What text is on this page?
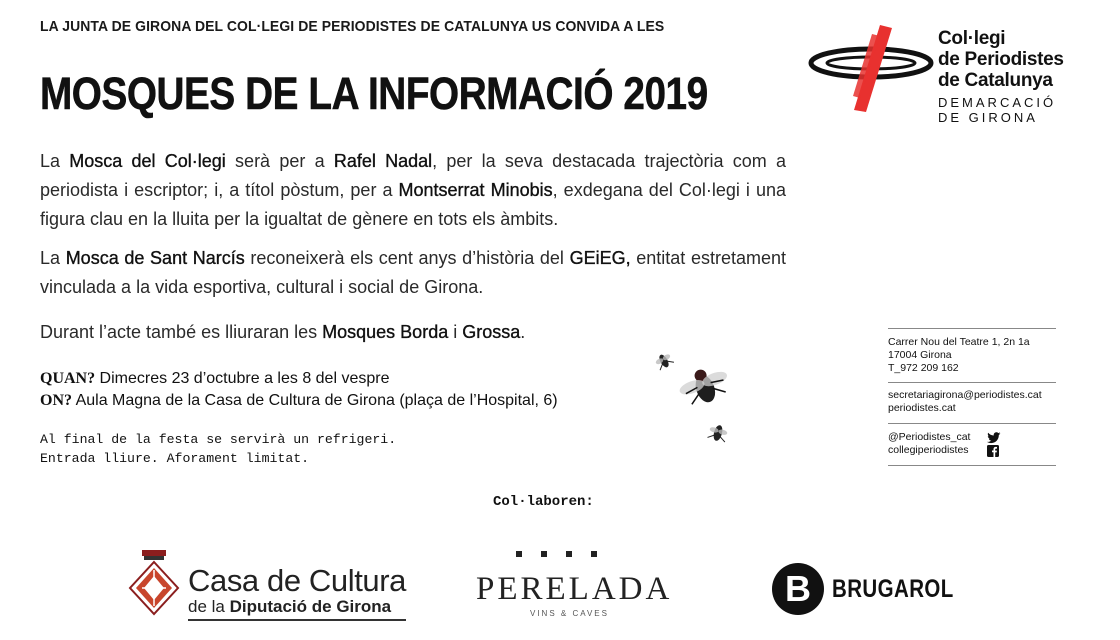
LA JUNTA DE GIRONA DEL COL·LEGI DE PERIODISTES DE CATALUNYA US CONVIDA A LES
MOSQUES DE LA INFORMACIÓ 2019
La Mosca del Col·legi serà per a Rafel Nadal, per la seva destacada trajectòria com a periodista i escriptor; i, a títol pòstum, per a Montserrat Minobis, exdegana del Col·legi i una figura clau en la lluita per la igualtat de gènere en tots els àmbits.
La Mosca de Sant Narcís reconeixerà els cent anys d’història del GEiEG, entitat estretament vinculada a la vida esportiva, cultural i social de Girona.
Durant l’acte també es lliuraran les Mosques Borda i Grossa.
QUAN? Dimecres 23 d’octubre a les 8 del vespre
ON? Aula Magna de la Casa de Cultura de Girona (plaça de l’Hospital, 6)
Al final de la festa se servirà un refrigeri.
Entrada lliure. Aforament limitat.
Col·laboren:
Col·legi
de Periodistes
de Catalunya
DEMARCACIÓ
DE GIRONA
Carrer Nou del Teatre 1, 2n 1a
17004 Girona
T_972 209 162
secretariagirona@periodistes.cat
periodistes.cat
@Periodistes_cat
collegiperiodistes
Casa de Cultura
de la Diputació de Girona	PERELADA
VINS & CAVES
B BRUGAROL
